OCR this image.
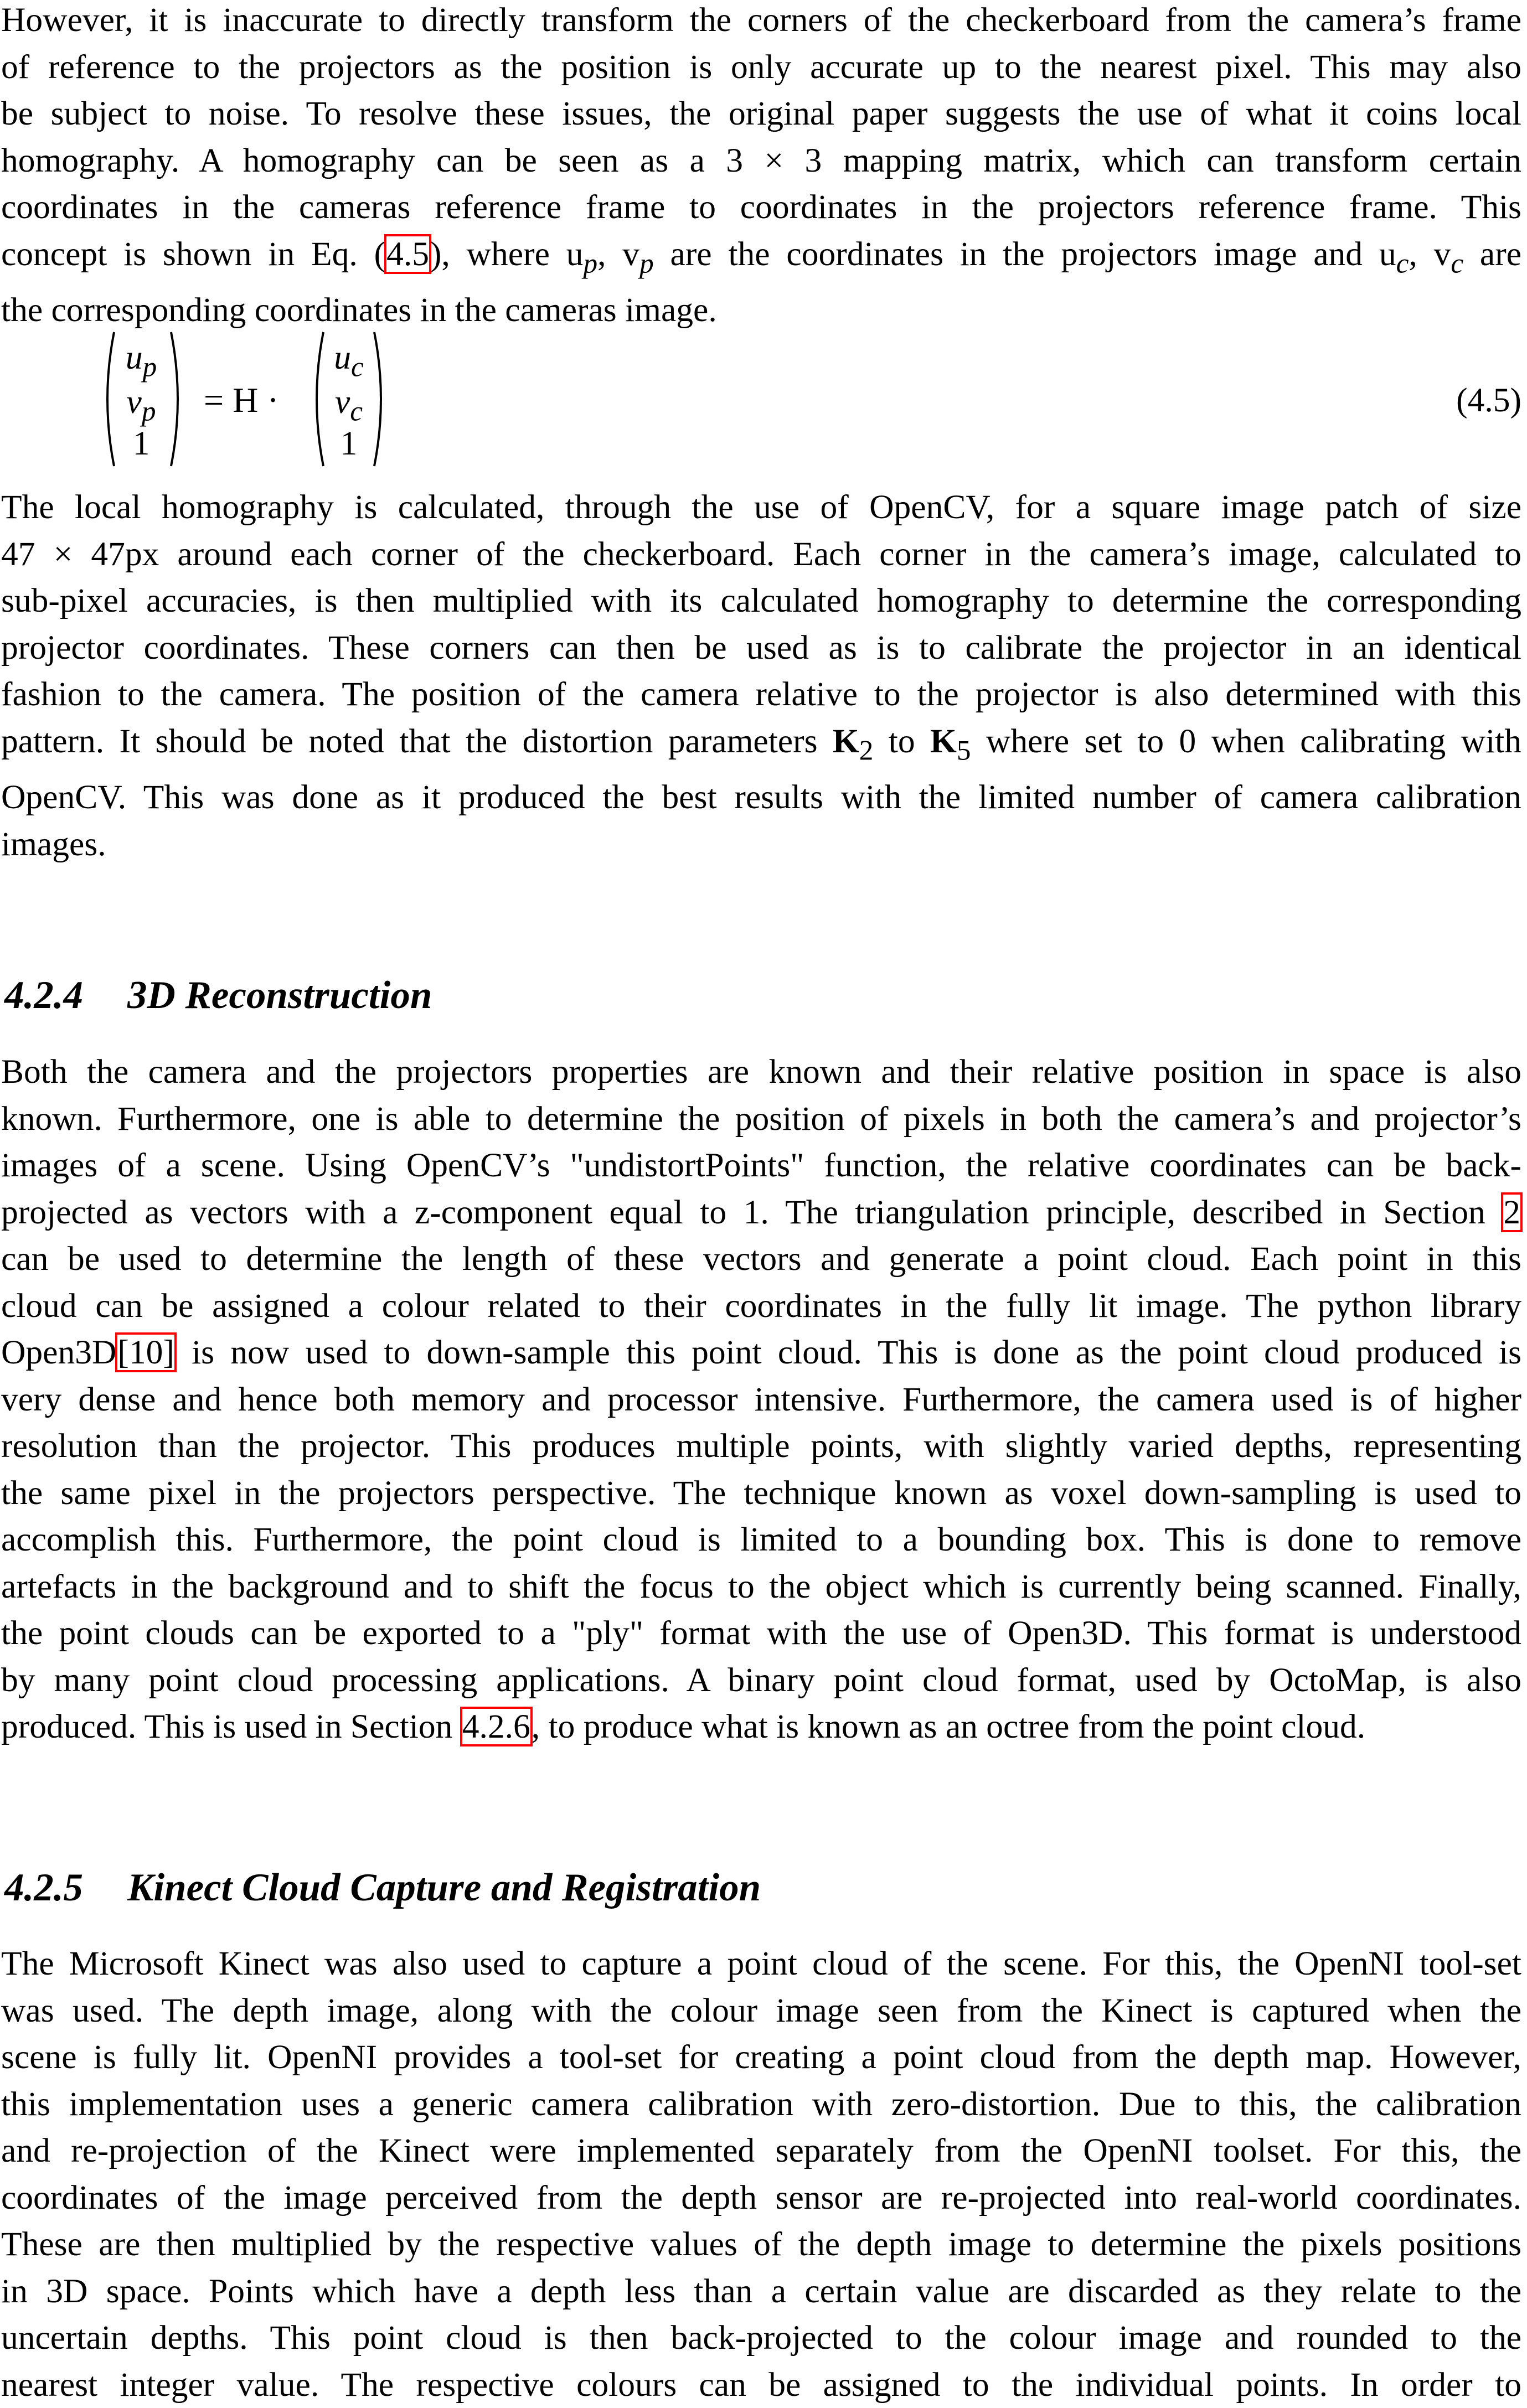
However, it is inaccurate to directly transform the corners of the checkerboard from the camera’s frame
of reference to the projectors as the position is only accurate up to the nearest pixel. This may also
be subject to noise. To resolve these issues, the original paper suggests the use of what it coins local
homography. A homography can be seen as a 3 × 3 mapping matrix, which can transform certain
coordinates in the cameras reference frame to coordinates in the projectors reference frame. This
concept is shown in Eq. (4.5), where $u_p$, $v_p$ are the coordinates in the projectors image and $u_c$, $v_c$ are
the corresponding coordinates in the cameras image.
$u_p$
$v_p$
1
= H ·
$u_c$
$v_c$
1
(4.5)
The local homography is calculated, through the use of OpenCV, for a square image patch of size
47 × 47px around each corner of the checkerboard. Each corner in the camera’s image, calculated to
sub-pixel accuracies, is then multiplied with its calculated homography to determine the corresponding
projector coordinates. These corners can then be used as is to calibrate the projector in an identical
fashion to the camera. The position of the camera relative to the projector is also determined with this
pattern. It should be noted that the distortion parameters $K_2$ to $K_5$ where set to 0 when calibrating with
OpenCV. This was done as it produced the best results with the limited number of camera calibration
images.
4.2.4 3D Reconstruction
Both the camera and the projectors properties are known and their relative position in space is also
known. Furthermore, one is able to determine the position of pixels in both the camera’s and projector’s
images of a scene. Using OpenCV’s "undistortPoints" function, the relative coordinates can be back-
projected as vectors with a z-component equal to 1. The triangulation principle, described in Section 2
can be used to determine the length of these vectors and generate a point cloud. Each point in this
cloud can be assigned a colour related to their coordinates in the fully lit image. The python library
Open3D[10] is now used to down-sample this point cloud. This is done as the point cloud produced is
very dense and hence both memory and processor intensive. Furthermore, the camera used is of higher
resolution than the projector. This produces multiple points, with slightly varied depths, representing
the same pixel in the projectors perspective. The technique known as voxel down-sampling is used to
accomplish this. Furthermore, the point cloud is limited to a bounding box. This is done to remove
artefacts in the background and to shift the focus to the object which is currently being scanned. Finally,
the point clouds can be exported to a "ply" format with the use of Open3D. This format is understood
by many point cloud processing applications. A binary point cloud format, used by OctoMap, is also
produced. This is used in Section 4.2.6, to produce what is known as an octree from the point cloud.
4.2.5 Kinect Cloud Capture and Registration
The Microsoft Kinect was also used to capture a point cloud of the scene. For this, the OpenNI tool-set
was used. The depth image, along with the colour image seen from the Kinect is captured when the
scene is fully lit. OpenNI provides a tool-set for creating a point cloud from the depth map. However,
this implementation uses a generic camera calibration with zero-distortion. Due to this, the calibration
and re-projection of the Kinect were implemented separately from the OpenNI toolset. For this, the
coordinates of the image perceived from the depth sensor are re-projected into real-world coordinates.
These are then multiplied by the respective values of the depth image to determine the pixels positions
in 3D space. Points which have a depth less than a certain value are discarded as they relate to the
uncertain depths. This point cloud is then back-projected to the colour image and rounded to the
nearest integer value. The respective colours can be assigned to the individual points. In order to
